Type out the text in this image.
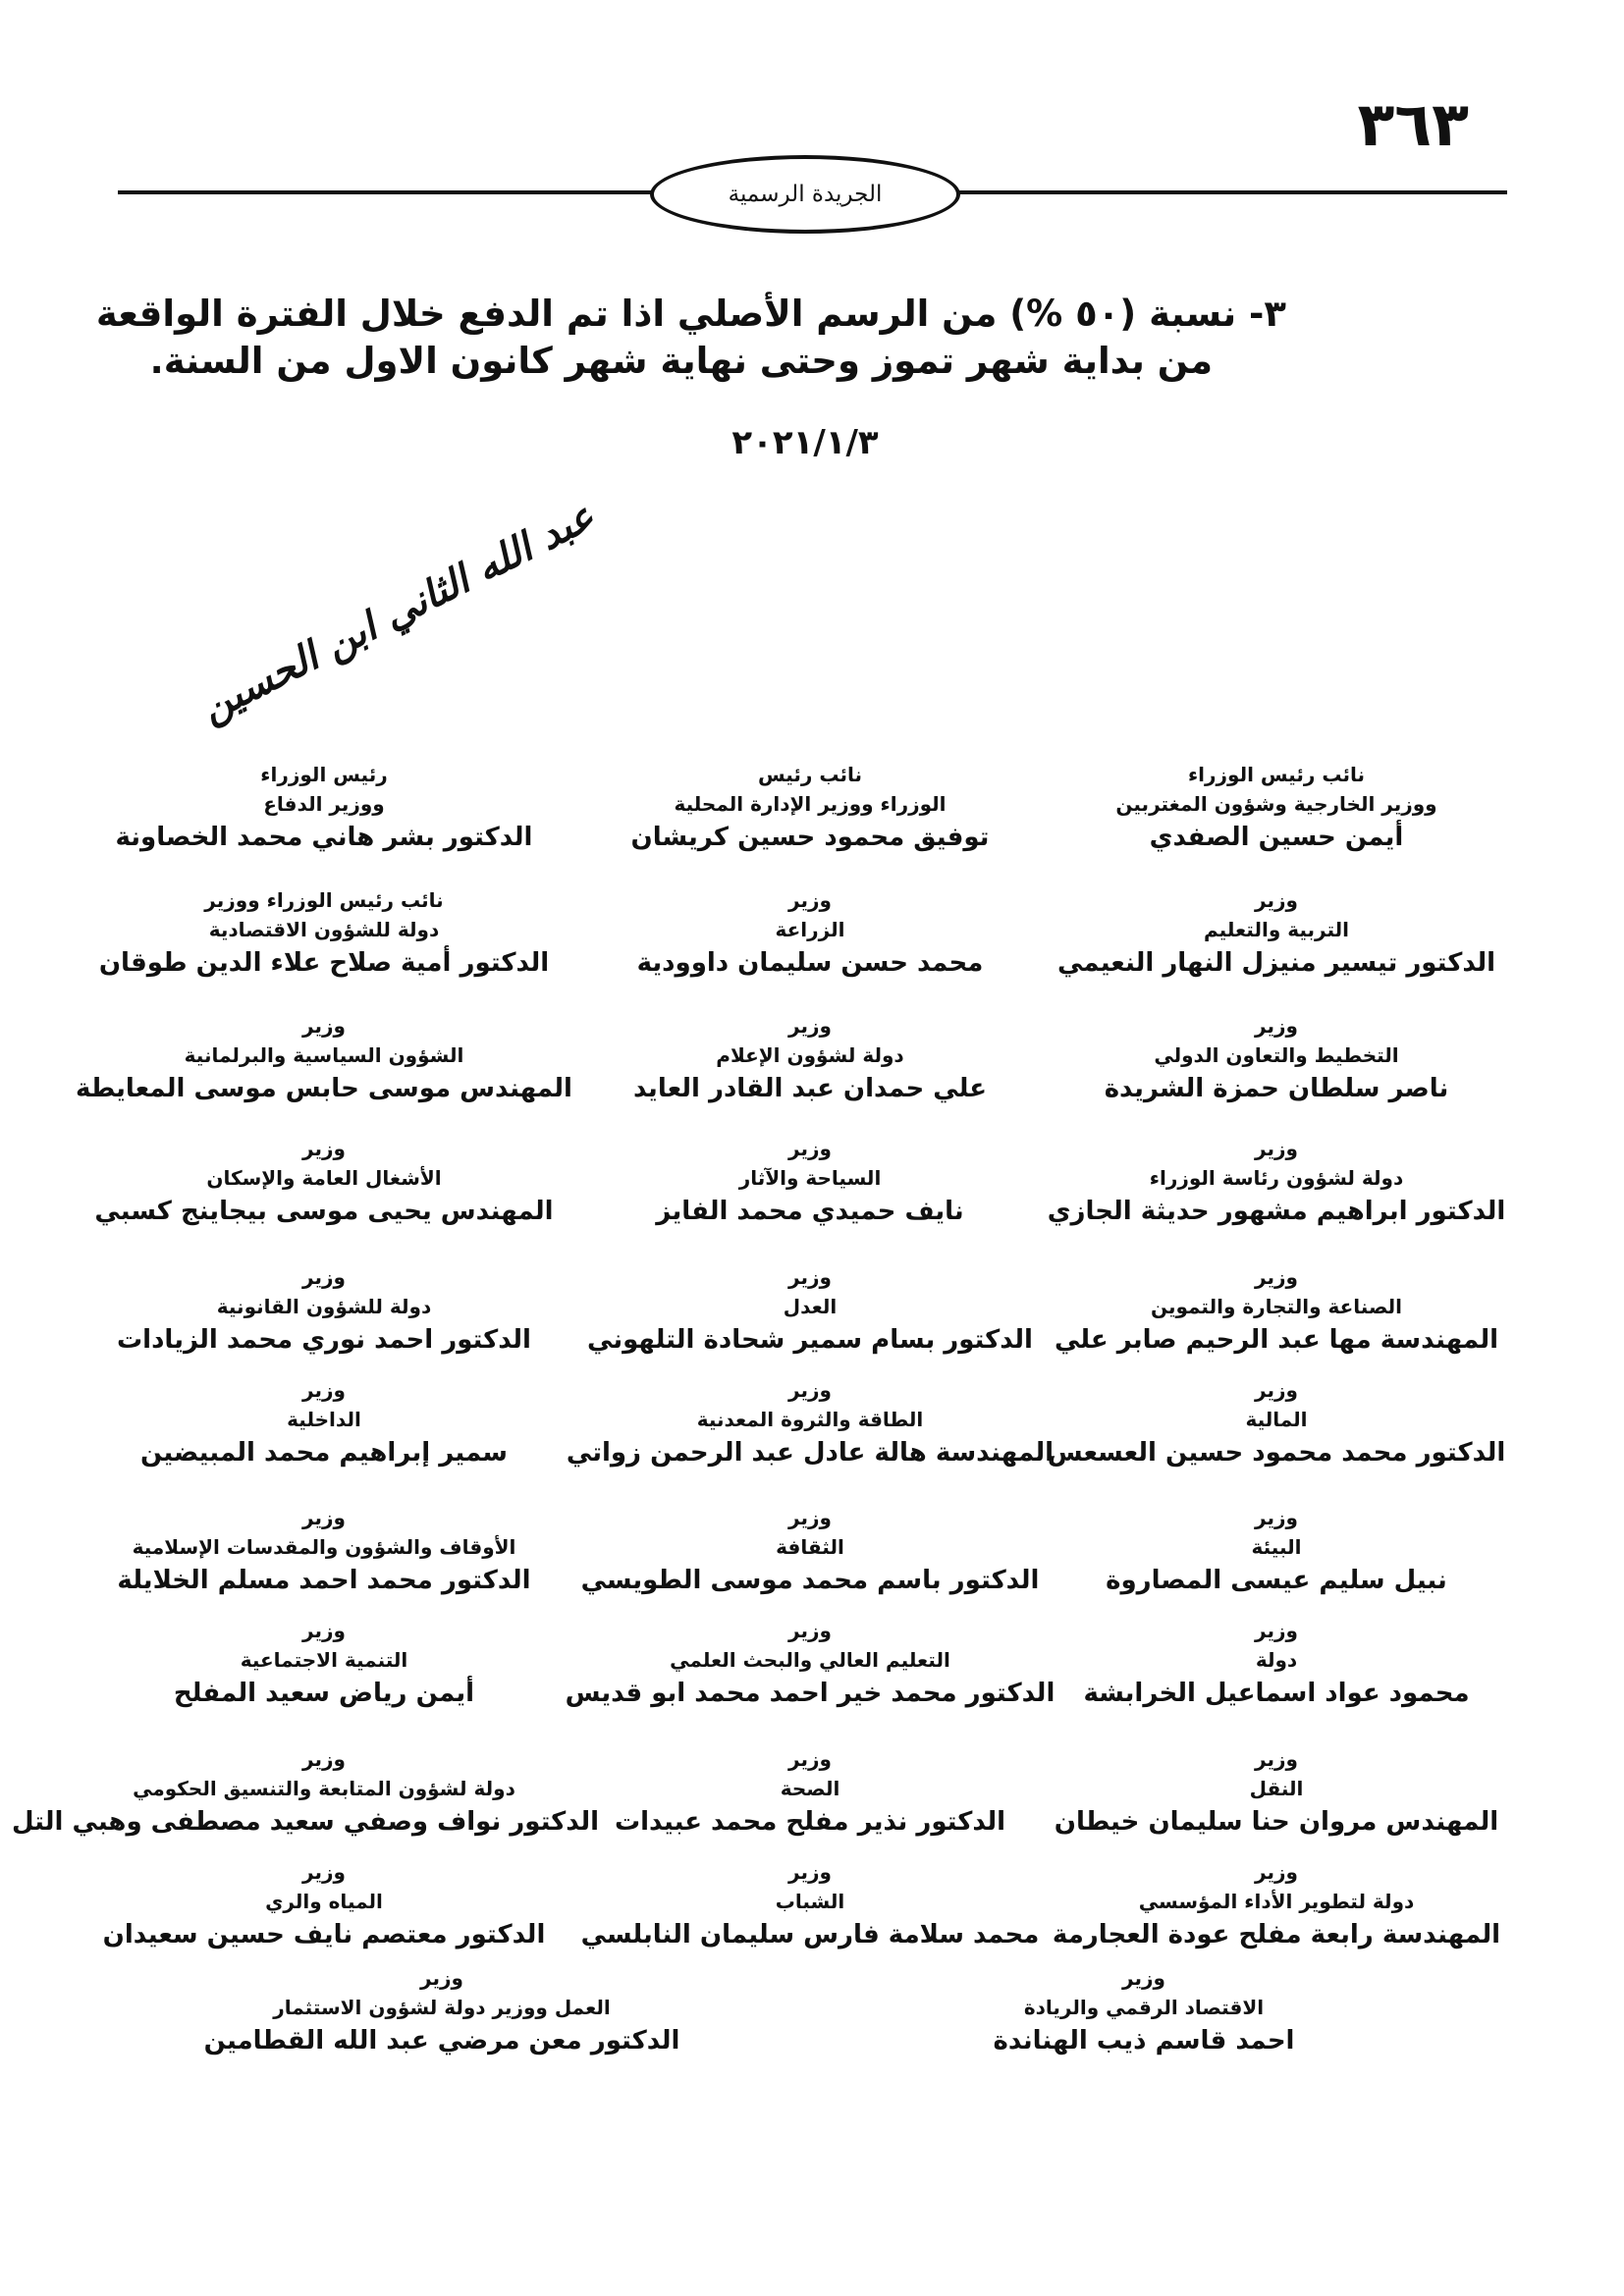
٣٦٣
الجريدة الرسمية
٣- نسبة (٥٠ %) من الرسم الأصلي اذا تم الدفع خلال الفترة الواقعة
من بداية شهر تموز وحتى نهاية شهر كانون الاول من السنة.
٢٠٢١/١/٣
عبد الله الثاني ابن الحسين
نائب رئيس الوزراء
ووزير الخارجية وشؤون المغتربين
أيمن حسين الصفدي
نائب رئيس
الوزراء ووزير الإدارة المحلية
توفيق محمود حسين كريشان
رئيس الوزراء
ووزير الدفاع
الدكتور بشر هاني محمد الخصاونة
وزير
التربية والتعليم
الدكتور تيسير منيزل النهار النعيمي
وزير
الزراعة
محمد حسن سليمان داوودية
نائب رئيس الوزراء ووزير
دولة للشؤون الاقتصادية
الدكتور أمية صلاح علاء الدين طوقان
وزير
التخطيط والتعاون الدولي
ناصر سلطان حمزة الشريدة
وزير
دولة لشؤون الإعلام
علي حمدان عبد القادر العايد
وزير
الشؤون السياسية والبرلمانية
المهندس موسى حابس موسى المعايطة
وزير
دولة لشؤون رئاسة الوزراء
الدكتور ابراهيم مشهور حديثة الجازي
وزير
السياحة والآثار
نايف حميدي محمد الفايز
وزير
الأشغال العامة والإسكان
المهندس يحيى موسى بيجاينج كسبي
وزير
الصناعة والتجارة والتموين
المهندسة مها عبد الرحيم صابر علي
وزير
العدل
الدكتور بسام سمير شحادة التلهوني
وزير
دولة للشؤون القانونية
الدكتور احمد نوري محمد الزيادات
وزير
المالية
الدكتور محمد محمود حسين العسعس
وزير
الطاقة والثروة المعدنية
المهندسة هالة عادل عبد الرحمن زواتي
وزير
الداخلية
سمير إبراهيم محمد المبيضين
وزير
البيئة
نبيل سليم عيسى المصاروة
وزير
الثقافة
الدكتور باسم محمد موسى الطويسي
وزير
الأوقاف والشؤون والمقدسات الإسلامية
الدكتور محمد احمد مسلم الخلايلة
وزير
دولة
محمود عواد اسماعيل الخرابشة
وزير
التعليم العالي والبحث العلمي
الدكتور محمد خير احمد محمد ابو قديس
وزير
التنمية الاجتماعية
أيمن رياض سعيد المفلح
وزير
النقل
المهندس مروان حنا سليمان خيطان
وزير
الصحة
الدكتور نذير مفلح محمد عبيدات
وزير
دولة لشؤون المتابعة والتنسيق الحكومي
الدكتور نواف وصفي سعيد مصطفى وهبي التل
وزير
دولة لتطوير الأداء المؤسسي
المهندسة رابعة مفلح عودة العجارمة
وزير
الشباب
محمد سلامة فارس سليمان النابلسي
وزير
المياه والري
الدكتور معتصم نايف حسين سعيدان
وزير
الاقتصاد الرقمي والريادة
احمد قاسم ذيب الهناندة
وزير
العمل ووزير دولة لشؤون الاستثمار
الدكتور معن مرضي عبد الله القطامين
